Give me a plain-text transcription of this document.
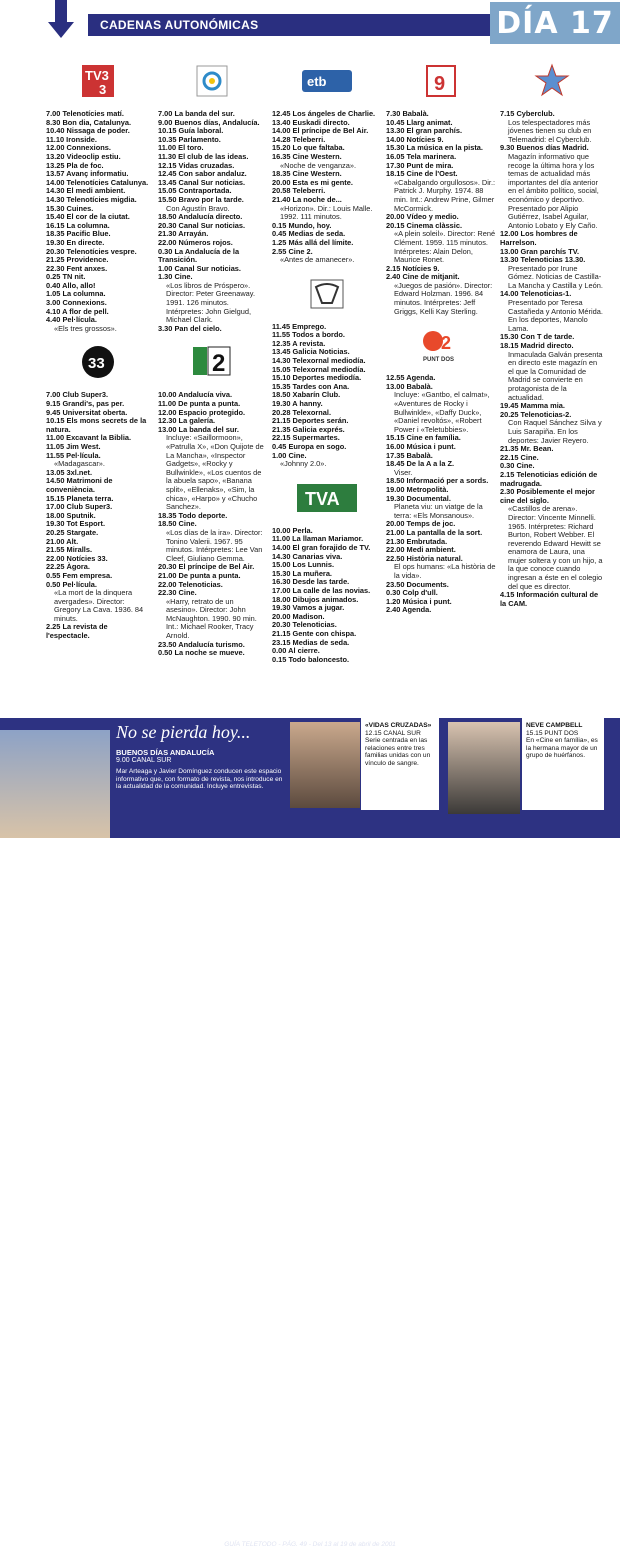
CADENAS AUTONÓMICAS	DÍA 17
TV3
3
7.00 Telenotícies matí.
8.30 Bon dia, Catalunya.
10.40 Nissaga de poder.
11.10 Ironside.
12.00 Connexions.
13.20 Videoclip estiu.
13.25 Pla de foc.
13.57 Avanç informatiu.
14.00 Telenotícies Catalunya.
14.30 El medi ambient.
14.30 Telenotícies migdia.
15.30 Cuines.
15.40 El cor de la ciutat.
16.15 La columna.
18.35 Pacific Blue.
19.30 En directe.
20.30 Telenotícies vespre.
21.25 Providence.
22.30 Fent anxes.
0.25 TN nit.
0.40 Allo, allo!
1.05 La columna.
3.00 Connexions.
4.10 A flor de pell.
4.40 Pel·lícula.
«Els tres grossos».
33
7.00 Club Super3.
9.15 Grandi's, pas per.
9.45 Universitat oberta.
10.15 Els mons secrets de la natura.
11.00 Excavant la Biblia.
11.05 Jim West.
11.55 Pel·lícula.
«Madagascar».
13.05 3xl.net.
14.50 Matrimoni de conveniència.
15.15 Planeta terra.
17.00 Club Super3.
18.00 Sputnik.
19.30 Tot Esport.
20.25 Stargate.
21.00 Alt.
21.55 Miralls.
22.00 Notícies 33.
22.25 Àgora.
0.55 Fem empresa.
0.50 Pel·lícula.
«La mort de la dinquera avergades». Director: Gregory La Cava. 1936. 84 minuts.
2.25 La revista de l'espectacle.
7.00 La banda del sur.
9.00 Buenos días, Andalucía.
10.15 Guía laboral.
10.35 Parlamento.
11.00 El toro.
11.30 El club de las ideas.
12.15 Vidas cruzadas.
12.45 Con sabor andaluz.
13.45 Canal Sur noticias.
15.05 Contraportada.
15.50 Bravo por la tarde.
Con Agustín Bravo.
18.50 Andalucía directo.
20.30 Canal Sur noticias.
21.30 Arrayán.
22.00 Números rojos.
0.30 La Andalucía de la Transición.
1.00 Canal Sur noticias.
1.30 Cine.
«Los libros de Próspero». Director: Peter Greenaway. 1991. 126 minutos. Intérpretes: John Gielgud, Michael Clark.
3.30 Pan del cielo.
2
10.00 Andalucía viva.
11.00 De punta a punta.
12.00 Espacio protegido.
12.30 La galería.
13.00 La banda del sur.
Incluye: «Saillormoon», «Patrulla X», «Don Quijote de La Mancha», «Inspector Gadgets», «Rocky y Bullwinkle», «Los cuentos de la abuela sapo», «Banana split», «Ellenaks», «Sim, la chica», «Harpo» y «Chucho Sanchez».
18.35 Todo deporte.
18.50 Cine.
«Los días de la ira». Director: Tonino Valerii. 1967. 95 minutos. Intérpretes: Lee Van Cleef, Giuliano Gemma.
20.30 El príncipe de Bel Air.
21.00 De punta a punta.
22.00 Telenoticias.
22.30 Cine.
«Harry, retrato de un asesino». Director: John McNaughton. 1990. 90 min. Int.: Michael Rooker, Tracy Arnold.
23.50 Andalucía turismo.
0.50 La noche se mueve.
etb
12.45 Los ángeles de Charlie.
13.40 Euskadi directo.
14.00 El príncipe de Bel Air.
14.28 Teleberri.
15.20 Lo que faltaba.
16.35 Cine Western.
«Noche de venganza».
18.35 Cine Western.
20.00 Esta es mi gente.
20.58 Teleberri.
21.40 La noche de...
«Horizon». Dir.: Louis Malle. 1992. 111 minutos.
0.15 Mundo, hoy.
0.45 Medias de seda.
1.25 Más allá del límite.
2.55 Cine 2.
«Antes de amanecer».
11.45 Emprego.
11.55 Todos a bordo.
12.35 A revista.
13.45 Galicia Noticias.
14.30 Telexornal mediodía.
15.05 Telexornal mediodía.
15.10 Deportes mediodía.
15.35 Tardes con Ana.
18.50 Xabarín Club.
19.30 A hanny.
20.28 Telexornal.
21.15 Deportes serán.
21.35 Galicia exprés.
22.15 Supermartes.
0.45 Europa en sogo.
1.00 Cine.
«Johnny 2.0».
TVA
10.00 Perla.
11.00 La llaman Mariamor.
14.00 El gran forajido de TV.
14.30 Canarias viva.
15.00 Los Lunnis.
15.30 La muñera.
16.30 Desde las tarde.
17.00 La calle de las novias.
18.00 Dibujos animados.
19.30 Vamos a jugar.
20.00 Madison.
20.30 Telenoticias.
21.15 Gente con chispa.
23.15 Medias de seda.
0.00 Al cierre.
0.15 Todo baloncesto.
9
7.30 Babalà.
10.45 Llarg animat.
13.30 El gran parchís.
14.00 Notícies 9.
15.30 La música en la pista.
16.05 Tela marinera.
17.30 Punt de mira.
18.15 Cine de l'Oest.
«Cabalgando orgullosos». Dir.: Patrick J. Murphy. 1974. 88 min. Int.: Andrew Prine, Gilmer McCormick.
20.00 Vídeo y medio.
20.15 Cinema clàssic.
«A plein soleil». Director: René Clément. 1959. 115 minutos. Intérpretes: Alain Delon, Maurice Ronet.
2.15 Notícies 9.
2.40 Cine de mitjanit.
«Juegos de pasión». Director: Edward Holzman. 1996. 84 minutos. Intérpretes: Jeff Griggs, Kelli Kay Sterling.
2
PUNT DOS
12.55 Agenda.
13.00 Babalà.
Incluye: «Gantbo, el calmat», «Aventures de Rocky i Bullwinkle», «Daffy Duck», «Daniel revoltós», «Robert Power i «Teletubbies».
15.15 Cine en família.
16.00 Música i punt.
17.35 Babalà.
18.45 De la A a la Z.
Viser.
18.50 Informació per a sords.
19.00 Metropolità.
19.30 Documental.
Planeta viu: un viatge de la terra: «Els Monsanous».
20.00 Temps de joc.
21.00 La pantalla de la sort.
21.30 Embrutada.
22.00 Medi ambient.
22.50 Història natural.
El ops humans: «La història de la vida».
23.50 Documents.
0.30 Colp d'ull.
1.20 Música i punt.
2.40 Agenda.
7.15 Cyberclub.
Los telespectadores más jóvenes tienen su club en Telemadrid: el Cyberclub.
9.30 Buenos días Madrid.
Magazín informativo que recoge la última hora y los temas de actualidad más importantes del día anterior en el ámbito político, social, económico y deportivo. Presentado por Alipio Gutiérrez, Isabel Aguilar, Antonio Lobato y Ely Caño.
12.00 Los hombres de Harrelson.
13.00 Gran parchís TV.
13.30 Telenoticias 13.30.
Presentado por Irune Gómez. Noticias de Castilla-La Mancha y Castilla y León.
14.00 Telenoticias-1.
Presentado por Teresa Castañeda y Antonio Mérida. En los deportes, Manolo Lama.
15.30 Con T de tarde.
18.15 Madrid directo.
Inmaculada Galván presenta en directo este magazín en el que la Comunidad de Madrid se convierte en protagonista de la actualidad.
19.45 Mamma mia.
20.25 Telenoticias-2.
Con Raquel Sánchez Silva y Luis Sarapiña. En los deportes: Javier Reyero.
21.35 Mr. Bean.
22.15 Cine.
0.30 Cine.
2.15 Telenoticias edición de madrugada.
2.30 Posiblemente el mejor cine del siglo.
«Castillos de arena». Director: Vincente Minnelli. 1965. Intérpretes: Richard Burton, Robert Webber. El reverendo Edward Hewitt se enamora de Laura, una mujer soltera y con un hijo, a la que conoce cuando ingresan a éste en el colegio del que es director.
4.15 Información cultural de la CAM.
No se pierda hoy...
BUENOS DÍAS ANDALUCÍA
9.00 CANAL SUR
Mar Arteaga y Javier Domínguez conducen este espacio informativo que, con formato de revista, nos introduce en la actualidad de la comunidad. Incluye entrevistas.
«VIDAS CRUZADAS»
12.15 CANAL SUR
Serie centrada en las relaciones entre tres familias unidas con un vínculo de sangre.
NEVE CAMPBELL
15.15 PUNT DOS
En «Cine en família», es la hermana mayor de un grupo de huérfanos.
GUÍA TELETODO - PÁG. 49 - Del 13 al 19 de abril de 2001
